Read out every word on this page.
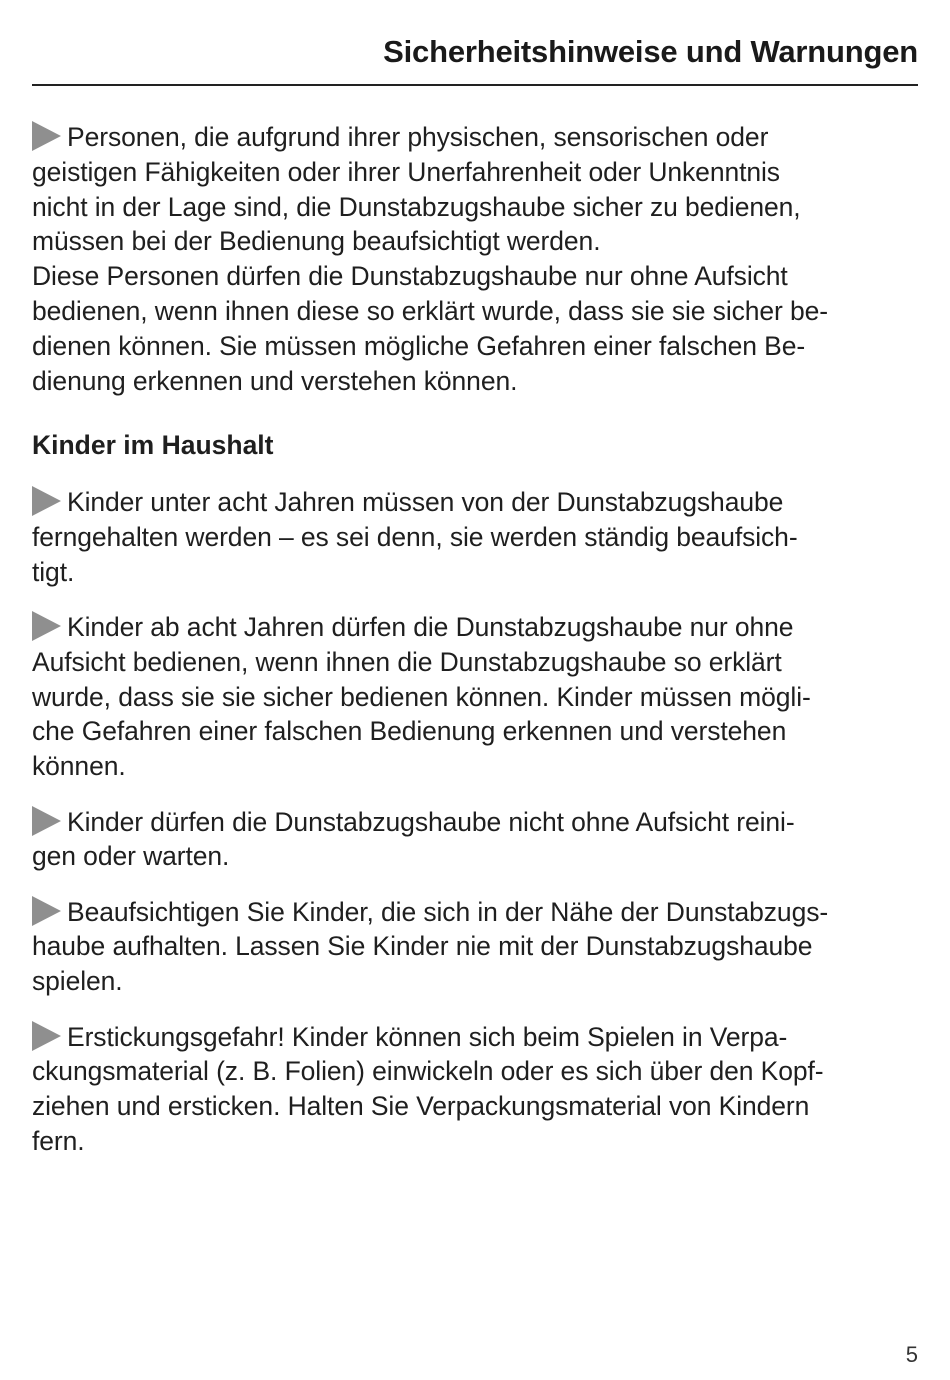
Sicherheitshinweise und Warnungen

Personen, die aufgrund ihrer physischen, sensorischen oder
geistigen Fähigkeiten oder ihrer Unerfahrenheit oder Unkenntnis
nicht in der Lage sind, die Dunstabzugshaube sicher zu bedienen,
müssen bei der Bedienung beaufsichtigt werden.
Diese Personen dürfen die Dunstabzugshaube nur ohne Aufsicht
bedienen, wenn ihnen diese so erklärt wurde, dass sie sie sicher be-
dienen können. Sie müssen mögliche Gefahren einer falschen Be-
dienung erkennen und verstehen können.

Kinder im Haushalt

Kinder unter acht Jahren müssen von der Dunstabzugshaube
ferngehalten werden – es sei denn, sie werden ständig beaufsich-
tigt.

Kinder ab acht Jahren dürfen die Dunstabzugshaube nur ohne
Aufsicht bedienen, wenn ihnen die Dunstabzugshaube so erklärt
wurde, dass sie sie sicher bedienen können. Kinder müssen mögli-
che Gefahren einer falschen Bedienung erkennen und verstehen
können.

Kinder dürfen die Dunstabzugshaube nicht ohne Aufsicht reini-
gen oder warten.

Beaufsichtigen Sie Kinder, die sich in der Nähe der Dunstabzugs-
haube aufhalten. Lassen Sie Kinder nie mit der Dunstabzugshaube
spielen.

Erstickungsgefahr! Kinder können sich beim Spielen in Verpa-
ckungsmaterial (z. B. Folien) einwickeln oder es sich über den Kopf-
ziehen und ersticken. Halten Sie Verpackungsmaterial von Kindern
fern.

5
